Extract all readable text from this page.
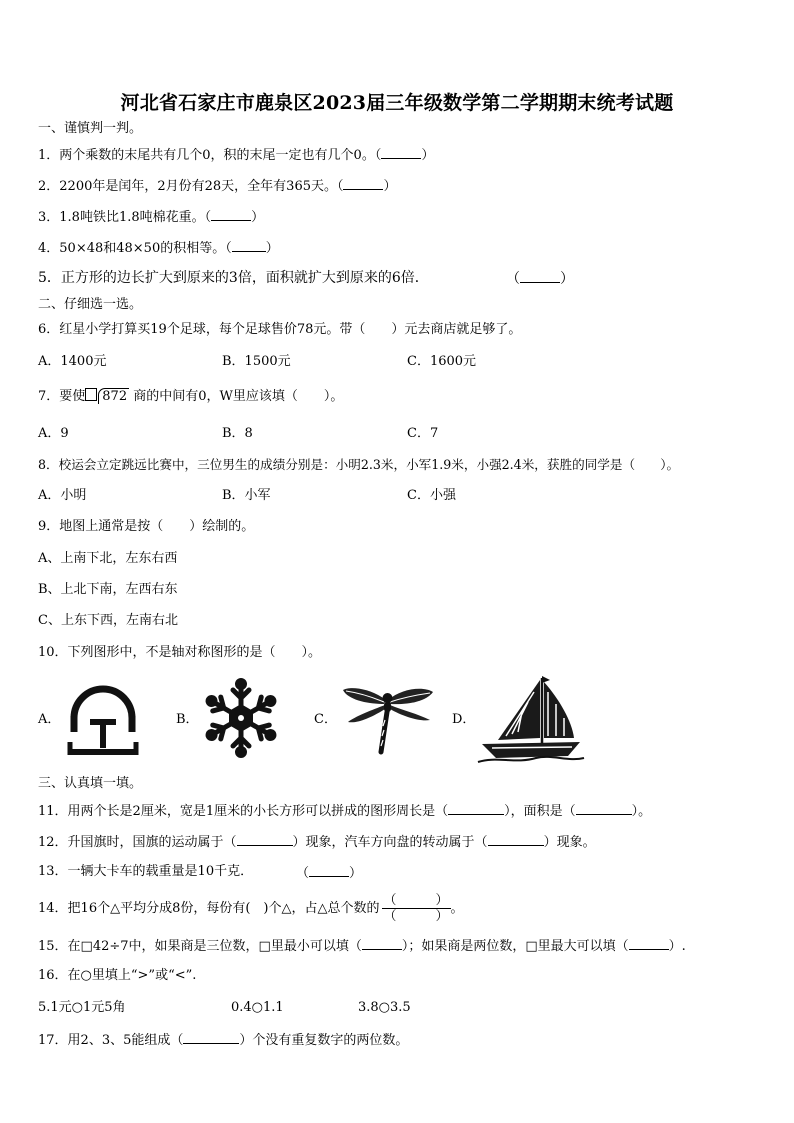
河北省石家庄市鹿泉区2023届三年级数学第二学期期末统考试题
一、谨慎判一判。
1．两个乘数的末尾共有几个0，积的末尾一定也有几个0。（	）
2．2200年是闰年，2月份有28天，全年有365天。（	）
3．1.8吨铁比1.8吨棉花重。（	）
4．50×48和48×50的积相等。（	）
5．正方形的边长扩大到原来的3倍，面积就扩大到原来的6倍．	（	）
二、仔细选一选。
6．红星小学打算买19个足球，每个足球售价78元。带（　　）元去商店就足够了。
A．1400元	B．1500元	C．1600元
7．要使 872 商的中间有0，W里应该填（　　）。
A．9	B．8	C．7
8．校运会立定跳远比赛中，三位男生的成绩分别是：小明2.3米，小军1.9米，小强2.4米，获胜的同学是（　　）。
A．小明	B．小军	C．小强
9．地图上通常是按（　　）绘制的。
A、上南下北，左东右西
B、上北下南，左西右东
C、上东下西，左南右北
10．下列图形中，不是轴对称图形的是（　　）。
A．	B．	C．	D．
三、认真填一填。
11．用两个长是2厘米，宽是1厘米的小长方形可以拼成的图形周长是（	），面积是（	）。
12．升国旗时，国旗的运动属于（	）现象，汽车方向盘的转动属于（	）现象。
13．一辆大卡车的载重量是10千克．	（	）
14．把16个△平均分成8份，每份有(　)个△，占△总个数的 $\frac{( )}{( )}$ 。
15．在□42÷7中，如果商是三位数，□里最小可以填（	）；如果商是两位数，□里最大可以填（	）.
16．在○里填上“>”或“<”.
5.1元○1元5角	0.4○1.1	3.8○3.5
17．用2、3、5能组成（	）个没有重复数字的两位数。
